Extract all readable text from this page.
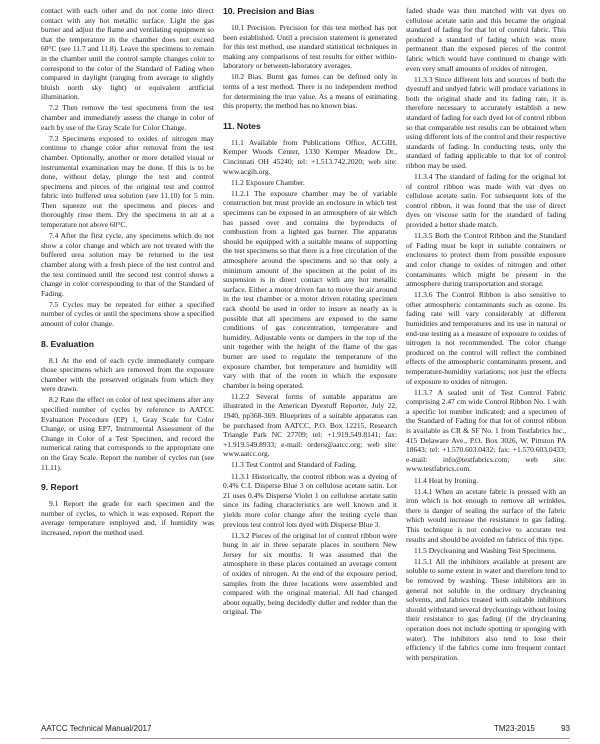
contact with each other and do not come into direct contact with any hot metallic surface. Light the gas burner and adjust the flame and ventilating equipment so that the temperature in the chamber does not exceed 60°C (see 11.7 and 11.8). Leave the specimens to remain in the chamber until the control sample changes color to correspond to the color of the Standard of Fading when compared in daylight (ranging from average to slightly bluish north sky light) or equivalent artificial illumination.

7.2 Then remove the test specimens from the test chamber and immediately assess the change in color of each by use of the Gray Scale for Color Change.

7.3 Specimens exposed to oxides of nitrogen may continue to change color after removal from the test chamber. Optionally, another or more detailed visual or instrumental examination may be done. If this is to be done, without delay, plunge the test and control specimens and pieces of the original test and control fabric into buffered urea solution (see 11.10) for 5 min. Then squeeze out the specimens and pieces and thoroughly rinse them. Dry the specimens in air at a temperature not above 60°C.

7.4 After the first cycle, any specimens which do not show a color change and which are not treated with the buffered urea solution may be returned to the test chamber along with a fresh piece of the test control and the test continued until the second test control shows a change in color corresponding to that of the Standard of Fading.

7.5 Cycles may be repeated for either a specified number of cycles or until the specimens show a specified amount of color change.

8. Evaluation

8.1 At the end of each cycle immediately compare those specimens which are removed from the exposure chamber with the preserved originals from which they were drawn.

8.2 Rate the effect on color of test specimens after any specified number of cycles by reference to AATCC Evaluation Procedure (EP) 1, Gray Scale for Color Change, or using EP7, Instrumental Assessment of the Change in Color of a Test Specimen, and record the numerical rating that corresponds to the appropriate one on the Gray Scale. Report the number of cycles run (see 11.11).

9. Report

9.1 Report the grade for each specimen and the number of cycles, to which it was exposed. Report the average temperature employed and, if humidity was increased, report the method used.

10. Precision and Bias

10.1 Precision. Precision for this test method has not been established. Until a precision statement is generated for this test method, use standard statistical techniques in making any comparisons of test results for either within-laboratory or between-laboratory averages.

10.2 Bias. Burnt gas fumes can be defined only in terms of a test method. There is no independent method for determining the true value. As a means of estimating this property, the method has no known bias.

11. Notes

11.1 Available from Publications Office, ACGIH, Kemper Woods Center, 1330 Kemper Meadow Dr., Cincinnati OH 45240; tel: +1.513.742.2020; web site: www.acgih.org.

11.2 Exposure Chamber.

11.2.1 The exposure chamber may be of variable construction but must provide an enclosure in which test specimens can be exposed in an atmosphere of air which has passed over and contains the byproducts of combustion from a lighted gas burner. The apparatus should be equipped with a suitable means of supporting the test specimens so that there is a free circulation of the atmosphere around the specimens and so that only a minimum amount of the specimen at the point of its suspension is in direct contact with any hot metallic surface. Either a motor driven fan to move the air around in the test chamber or a motor driven rotating specimen rack should be used in order to insure as nearly as is possible that all specimens are exposed to the same conditions of gas concentration, temperature and humidity. Adjustable vents or dampers in the top of the unit together with the height of the flame of the gas burner are used to regulate the temperature of the exposure chamber, but temperature and humidity will vary with that of the room in which the exposure chamber is being operated.

11.2.2 Several forms of suitable apparatus are illustrated in the American Dyestuff Reporter, July 22, 1940, pp368-369. Blueprints of a suitable apparatus can be purchased from AATCC, P.O. Box 12215, Research Triangle Park NC 27709; tel: +1.919.549.8141; fax: +1.919.549.8933; e-mail: orders@aatcc.org; web site: www.aatcc.org.

11.3 Test Control and Standard of Fading.

11.3.1 Historically, the control ribbon was a dyeing of 0.4% C.I. Disperse Blue 3 on cellulose acetate satin. Lot 21 uses 0.4% Disperse Violet 1 on cellulose acetate satin since its fading characteristics are well known and it yields more color change after the testing cycle than previous test control lots dyed with Disperse Blue 3.

11.3.2 Pieces of the original lot of control ribbon were hung in air in three separate places in southern New Jersey for six months. It was assumed that the atmosphere in these places contained an average content of oxides of nitrogen. At the end of the exposure period, samples from the three locations were assembled and compared with the original material. All had changed about equally, being decidedly duller and redder than the original. The

faded shade was then matched with vat dyes on cellulose acetate satin and this became the original standard of fading for that lot of control fabric. This produced a standard of fading which was more permanent than the exposed pieces of the control fabric which would have continued to change with even very small amounts of oxides of nitrogen.

11.3.3 Since different lots and sources of both the dyestuff and undyed fabric will produce variations in both the original shade and its fading rate, it is therefore necessary to accurately establish a new standard of fading for each dyed lot of control ribbon so that comparable test results can be obtained when using different lots of the control and their respective standards of fading. In conducting tests, only the standard of fading applicable to that lot of control ribbon may be used.

11.3.4 The standard of fading for the original lot of control ribbon was made with vat dyes on cellulose acetate satin. For subsequent lots of the control ribbon, it was found that the use of direct dyes on viscose satin for the standard of fading provided a better shade match.

11.3.5 Both the Control Ribbon and the Standard of Fading must be kept in suitable containers or enclosures to protect them from possible exposure and color change to oxides of nitrogen and other contaminants which might be present in the atmosphere during transportation and storage.

11.3.6 The Control Ribbon is also sensitive to other atmospheric contaminants such as ozone. Its fading rate will vary considerably at different humidities and temperatures and its use in natural or end-use testing as a measure of exposure to oxides of nitrogen is not recommended. The color change produced on the control will reflect the combined effects of the atmospheric contaminants present, and temperature-humidity variations; not just the effects of exposure to oxides of nitrogen.

11.3.7 A sealed unit of Test Control Fabric comprising 2.47 cm wide Control Ribbon No. 1 with a specific lot number indicated; and a specimen of the Standard of Fading for that lot of control ribbon is available as CR & SF No. 1 from Testfabrics Inc., 415 Delaware Ave., P.O. Box 3026, W. Pittston PA 18643; tel: +1.570.603.0432; fax: +1.570.603.0433; e-mail: info@testfabrics.com; web site: www.testfabrics.com.

11.4 Heat by Ironing.

11.4.1 When an acetate fabric is pressed with an iron which is hot enough to remove all wrinkles, there is danger of sealing the surface of the fabric which would increase the resistance to gas fading. This technique is not conducive to accurate test results and should be avoided on fabrics of this type.

11.5 Drycleaning and Washing Test Specimens.

11.5.1 All the inhibitors available at present are soluble to some extent in water and therefore tend to be removed by washing. These inhibitors are in general not soluble in the ordinary drycleaning solvents, and fabrics treated with suitable inhibitors should withstand several drycleanings without losing their resistance to gas fading (if the drycleaning operation does not include spotting or sponging with water). The inhibitors also tend to lose their efficiency if the fabrics come into frequent contact with perspiration.

AATCC Technical Manual/2017	TM23-2015	93
